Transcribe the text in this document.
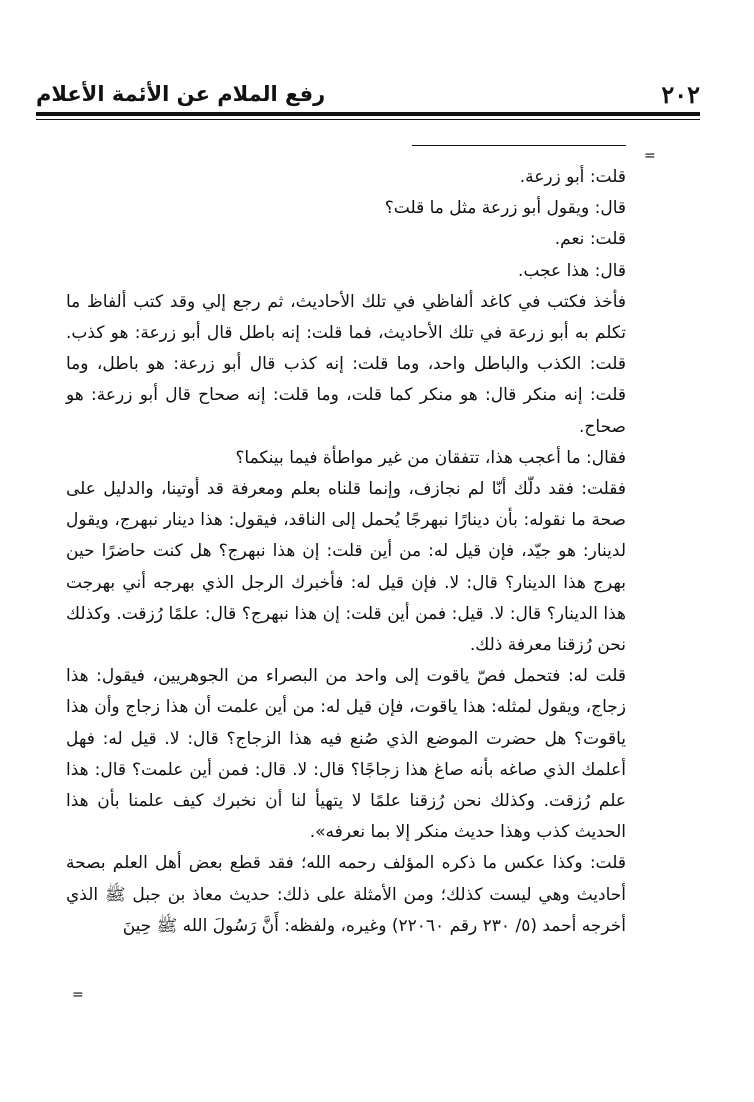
٢٠٢
رفع الملام عن الأئمة الأعلام
=

قلت: أبو زرعة.

قال: ويقول أبو زرعة مثل ما قلت؟

قلت: نعم.

قال: هذا عجب.

فأخذ فكتب في كاغد ألفاظي في تلك الأحاديث، ثم رجع إلي وقد كتب ألفاظ ما تكلم به أبو زرعة في تلك الأحاديث، فما قلت: إنه باطل قال أبو زرعة: هو كذب. قلت: الكذب والباطل واحد، وما قلت: إنه كذب قال أبو زرعة: هو باطل، وما قلت: إنه منكر قال: هو منكر كما قلت، وما قلت: إنه صحاح قال أبو زرعة: هو صحاح.

فقال: ما أعجب هذا، تتفقان من غير مواطأة فيما بينكما؟

فقلت: فقد دلّك أنّا لم نجازف، وإنما قلناه بعلم ومعرفة قد أوتينا، والدليل على صحة ما نقوله: بأن دينارًا نبهرجًا يُحمل إلى الناقد، فيقول: هذا دينار نبهرج، ويقول لدينار: هو جيّد، فإن قيل له: من أين قلت: إن هذا نبهرج؟ هل كنت حاضرًا حين بهرج هذا الدينار؟ قال: لا. فإن قيل له: فأخبرك الرجل الذي بهرجه أني بهرجت هذا الدينار؟ قال: لا. قيل: فمن أين قلت: إن هذا نبهرج؟ قال: علمًا رُزقت. وكذلك نحن رُزقنا معرفة ذلك.

قلت له: فتحمل فصّ ياقوت إلى واحد من البصراء من الجوهريين، فيقول: هذا زجاج، ويقول لمثله: هذا ياقوت، فإن قيل له: من أين علمت أن هذا زجاج وأن هذا ياقوت؟ هل حضرت الموضع الذي صُنع فيه هذا الزجاج؟ قال: لا. قيل له: فهل أعلمك الذي صاغه بأنه صاغ هذا زجاجًا؟ قال: لا. قال: فمن أين علمت؟ قال: هذا علم رُزقت. وكذلك نحن رُزقنا علمًا لا يتهيأ لنا أن نخبرك كيف علمنا بأن هذا الحديث كذب وهذا حديث منكر إلا بما نعرفه».

قلت: وكذا عكس ما ذكره المؤلف رحمه الله؛ فقد قطع بعض أهل العلم بصحة أحاديث وهي ليست كذلك؛ ومن الأمثلة على ذلك: حديث معاذ بن جبل ﷺ الذي أخرجه أحمد (٥/ ٢٣٠ رقم ٢٢٠٦٠) وغيره، ولفظه: أَنَّ رَسُولَ الله ﷺ حِينَ

=
